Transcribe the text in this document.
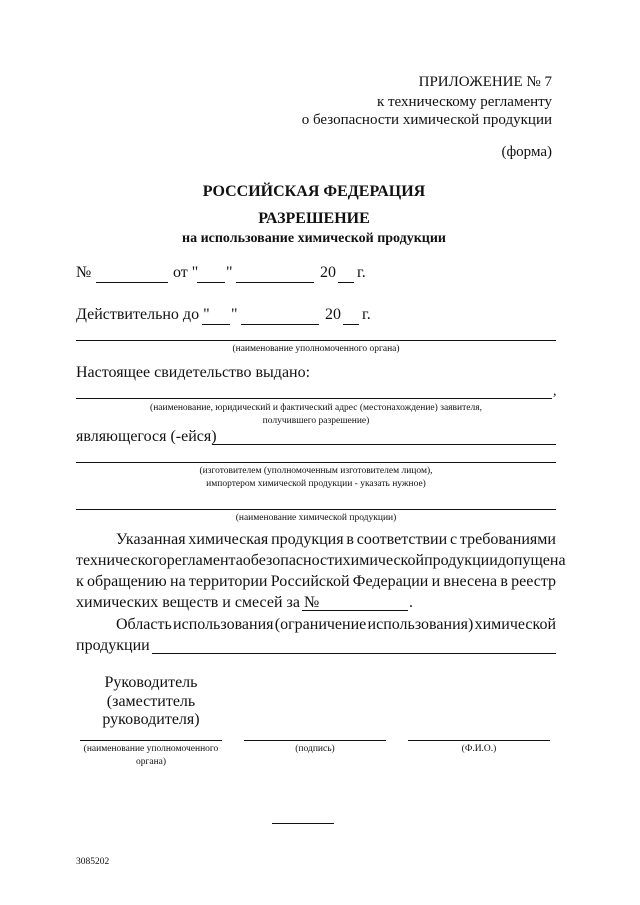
ПРИЛОЖЕНИЕ № 7
к техническому регламенту
о безопасности химической продукции
(форма)
РОССИЙСКАЯ ФЕДЕРАЦИЯ
РАЗРЕШЕНИЕ
на использование химической продукции
№	от " "	20 г.
Действительно до " "	20 г.
(наименование уполномоченного органа)
Настоящее свидетельство выдано:
,
(наименование, юридический и фактический адрес (местонахождение) заявителя,
получившего разрешение)
являющегося (-ейся)
(изготовителем (уполномоченным изготовителем лицом),
импортером химической продукции - указать нужное)
(наименование химической продукции)
Указанная химическая продукция в соответствии с требованиями
технического регламента о безопасности химической продукции допущена
к обращению на территории Российской Федерации и внесена в реестр
химических веществ и смесей за №	.
Область использования (ограничение использования) химической
продукции
Руководитель
(заместитель
руководителя)
(наименование уполномоченного
органа)
(подпись)	(Ф.И.О.)
3085202
